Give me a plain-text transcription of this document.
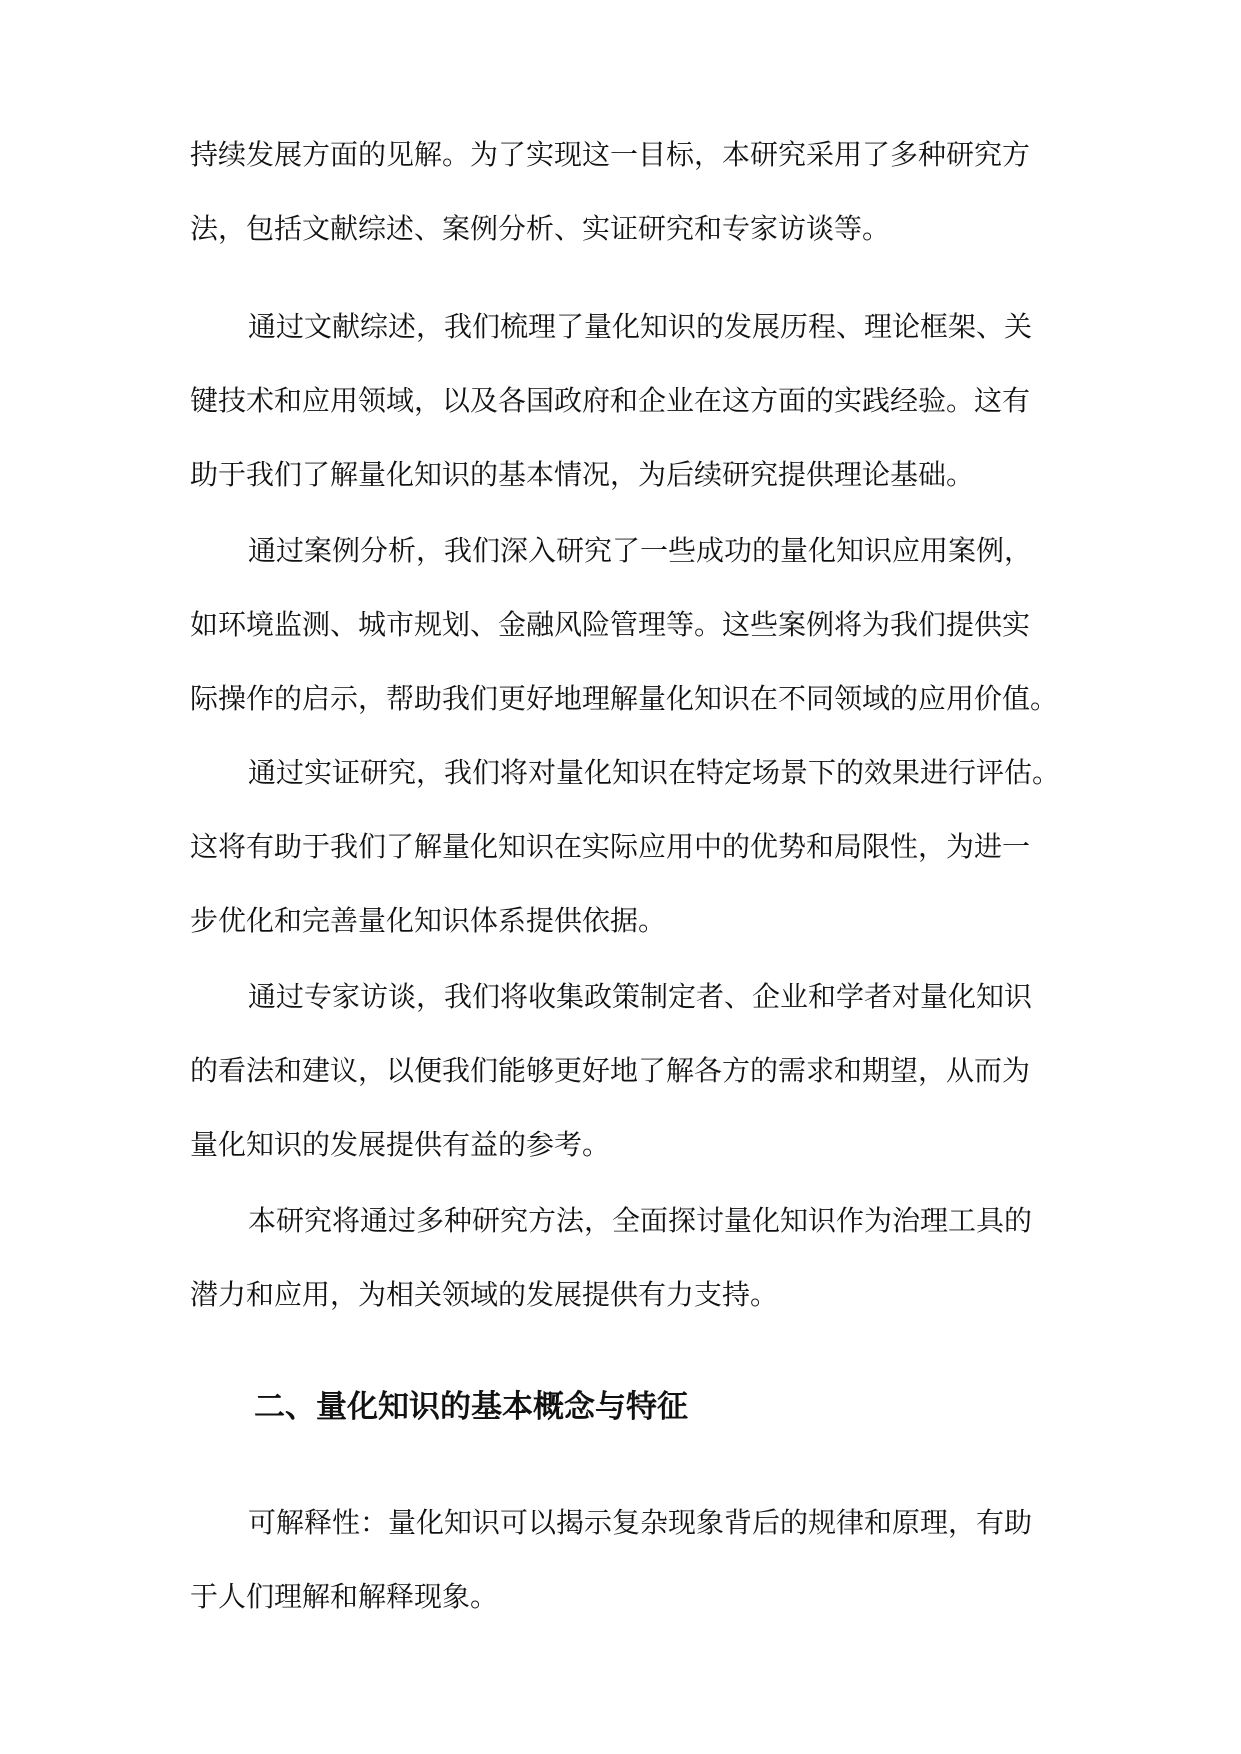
持续发展方面的见解。为了实现这一目标，本研究采用了多种研究方
法，包括文献综述、案例分析、实证研究和专家访谈等。
通过文献综述，我们梳理了量化知识的发展历程、理论框架、关
键技术和应用领域，以及各国政府和企业在这方面的实践经验。这有
助于我们了解量化知识的基本情况，为后续研究提供理论基础。
通过案例分析，我们深入研究了一些成功的量化知识应用案例，
如环境监测、城市规划、金融风险管理等。这些案例将为我们提供实
际操作的启示，帮助我们更好地理解量化知识在不同领域的应用价值。
通过实证研究，我们将对量化知识在特定场景下的效果进行评估。
这将有助于我们了解量化知识在实际应用中的优势和局限性，为进一
步优化和完善量化知识体系提供依据。
通过专家访谈，我们将收集政策制定者、企业和学者对量化知识
的看法和建议，以便我们能够更好地了解各方的需求和期望，从而为
量化知识的发展提供有益的参考。
本研究将通过多种研究方法，全面探讨量化知识作为治理工具的
潜力和应用，为相关领域的发展提供有力支持。
二、量化知识的基本概念与特征
可解释性：量化知识可以揭示复杂现象背后的规律和原理，有助
于人们理解和解释现象。
